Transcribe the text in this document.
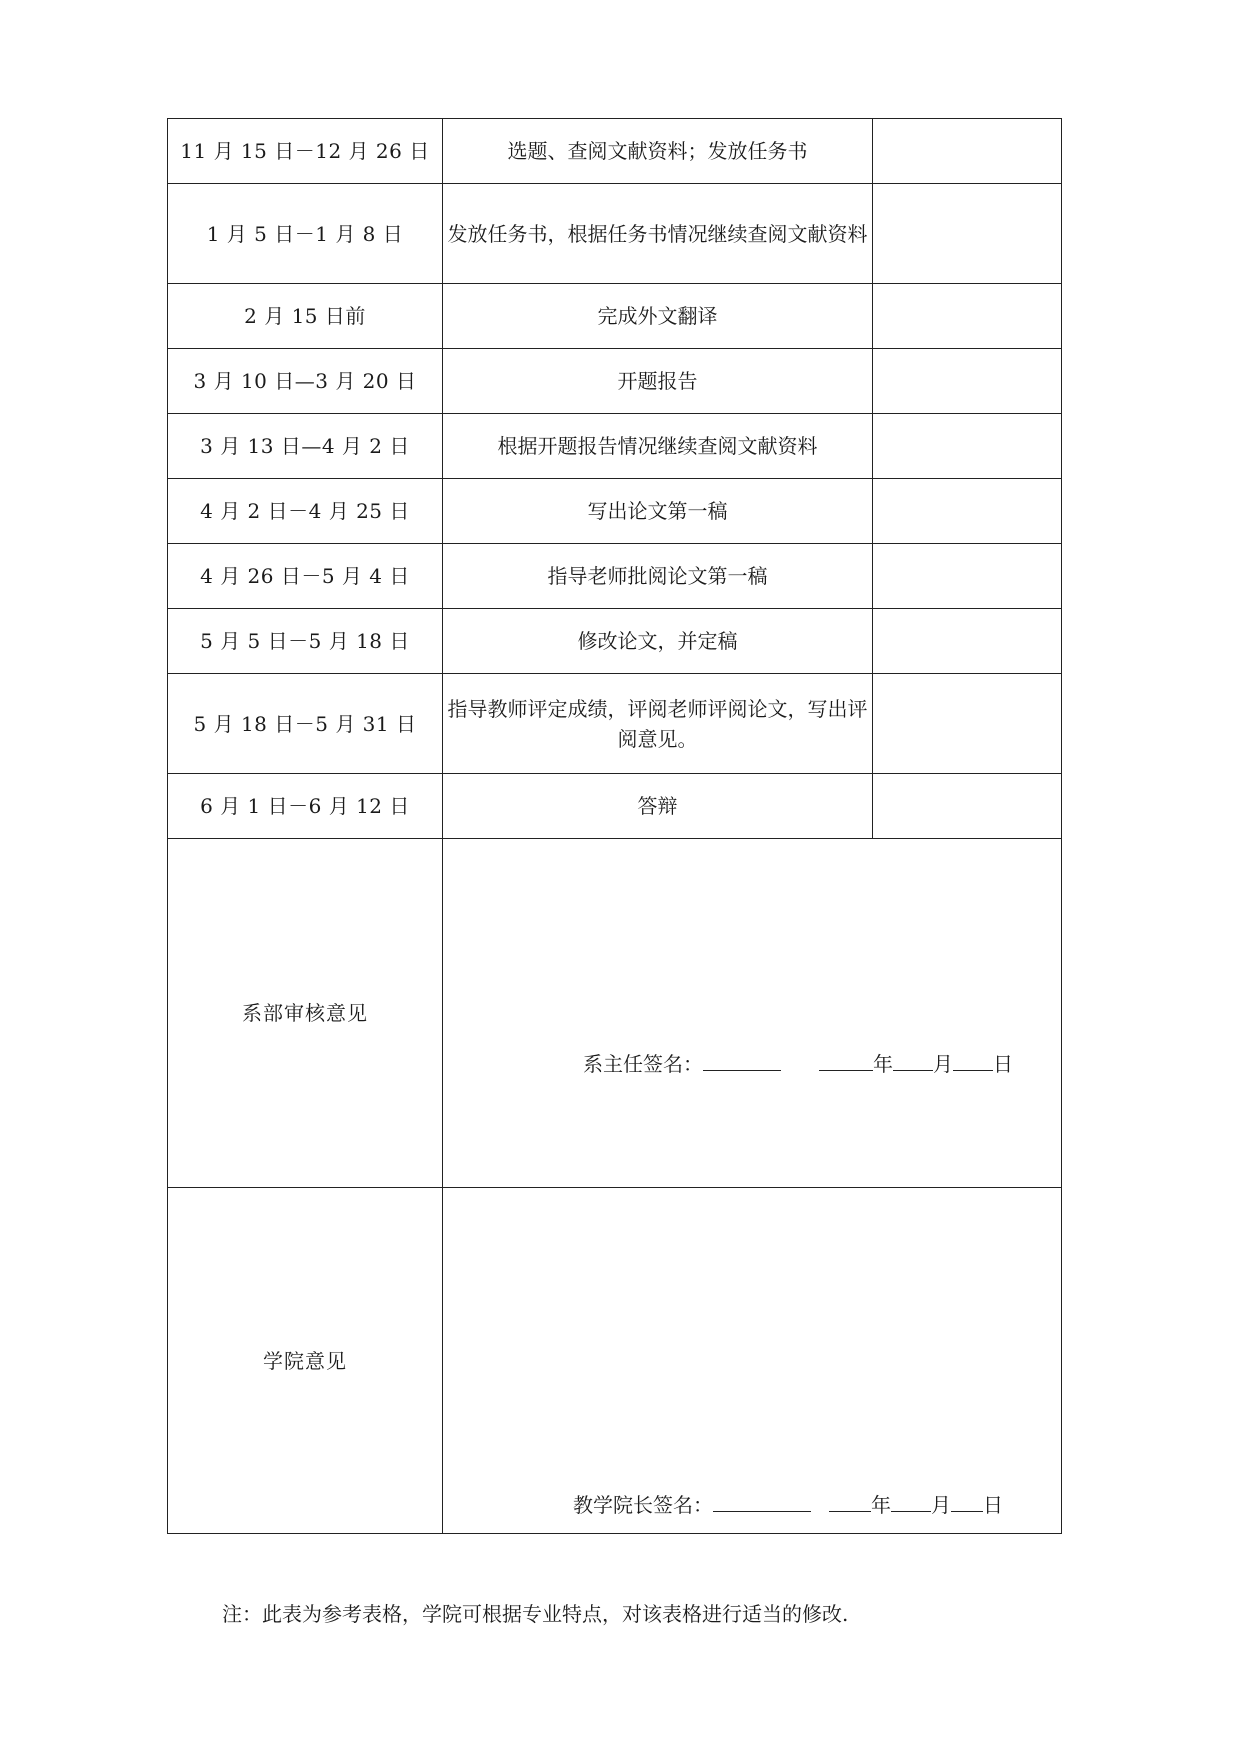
11 月 15 日－12 月 26 日	选题、查阅文献资料；发放任务书	
1 月 5 日－1 月 8 日	发放任务书，根据任务书情况继续查阅文献资料	
2 月 15 日前	完成外文翻译	
3 月 10 日—3 月 20 日	开题报告	
3 月 13 日—4 月 2 日	根据开题报告情况继续查阅文献资料	
4 月 2 日－4 月 25 日	写出论文第一稿	
4 月 26 日－5 月 4 日	指导老师批阅论文第一稿	
5 月 5 日－5 月 18 日	修改论文，并定稿	
5 月 18 日－5 月 31 日	指导教师评定成绩，评阅老师评阅论文，写出评阅意见。	
6 月 1 日－6 月 12 日	答辩	
系部审核意见	系主任签名： 年 月 日	

学院意见	教学院长签名： 年 月 日	
注：此表为参考表格，学院可根据专业特点，对该表格进行适当的修改.
